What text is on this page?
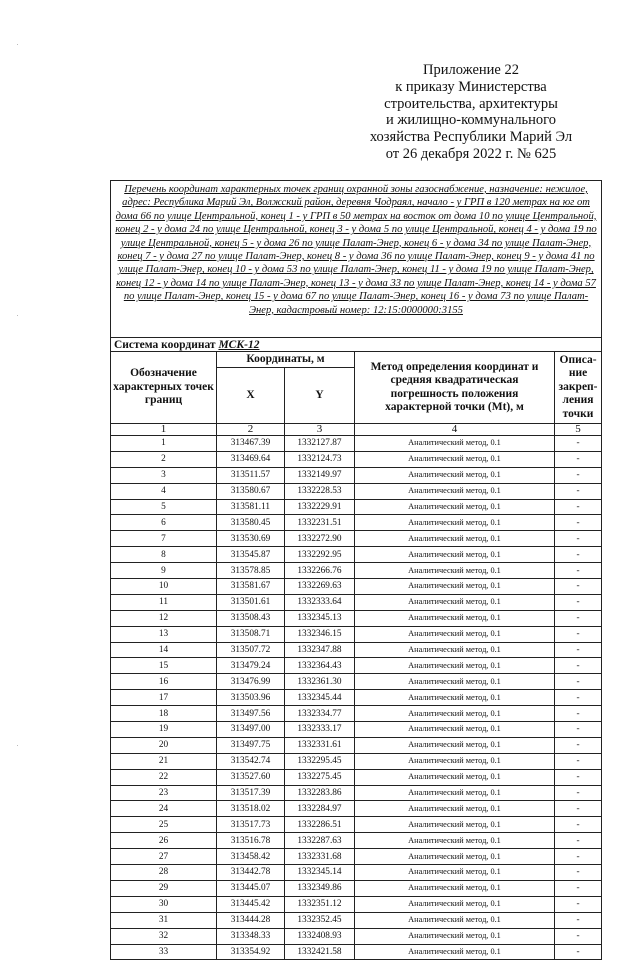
Приложение 22
к приказу Министерства
строительства, архитектуры
и жилищно-коммунального
хозяйства Республики Марий Эл
от 26 декабря 2022 г. № 625
Перечень координат характерных точек границ охранной зоны газоснабжение, назначение: нежилое, адрес: Республика Марий Эл, Волжский район, деревня Чодраял, начало - у ГРП в 120 метрах на юг от дома 66 по улице Центральной, конец 1 - у ГРП в 50 метрах на восток от дома 10 по улице Центральной, конец 2 - у дома 24 по улице Центральной, конец 3 - у дома 5 по улице Центральной, конец 4 - у дома 19 по улице Центральной, конец 5 - у дома 26 по улице Палат-Энер, конец 6 - у дома 34 по улице Палат-Энер, конец 7 - у дома 27 по улице Палат-Энер, конец 8 - у дома 36 по улице Палат-Энер, конец 9 - у дома 41 по улице Палат-Энер, конец 10 - у дома 53 по улице Палат-Энер, конец 11 - у дома 19 по улице Палат-Энер, конец 12 - у дома 14 по улице Палат-Энер, конец 13 - у дома 33 по улице Палат-Энер, конец 14 - у дома 57 по улице Палат-Энер, конец 15 - у дома 67 по улице Палат-Энер, конец 16 - у дома 73 по улице Палат-Энер, кадастровый номер: 12:15:0000000:3155				
Система координат МСК-12				
Обозначение характерных точек границ	Координаты, м		Метод определения координат и средняя квадратическая погрешность положения характерной точки (Mt), м	Описа-ние закреп-ления точки
	X	Y		
1	2	3	4	5
1	313467.39	1332127.87	Аналитический метод, 0.1	-
2	313469.64	1332124.73	Аналитический метод, 0.1	-
3	313511.57	1332149.97	Аналитический метод, 0.1	-
4	313580.67	1332228.53	Аналитический метод, 0.1	-
5	313581.11	1332229.91	Аналитический метод, 0.1	-
6	313580.45	1332231.51	Аналитический метод, 0.1	-
7	313530.69	1332272.90	Аналитический метод, 0.1	-
8	313545.87	1332292.95	Аналитический метод, 0.1	-
9	313578.85	1332266.76	Аналитический метод, 0.1	-
10	313581.67	1332269.63	Аналитический метод, 0.1	-
11	313501.61	1332333.64	Аналитический метод, 0.1	-
12	313508.43	1332345.13	Аналитический метод, 0.1	-
13	313508.71	1332346.15	Аналитический метод, 0.1	-
14	313507.72	1332347.88	Аналитический метод, 0.1	-
15	313479.24	1332364.43	Аналитический метод, 0.1	-
16	313476.99	1332361.30	Аналитический метод, 0.1	-
17	313503.96	1332345.44	Аналитический метод, 0.1	-
18	313497.56	1332334.77	Аналитический метод, 0.1	-
19	313497.00	1332333.17	Аналитический метод, 0.1	-
20	313497.75	1332331.61	Аналитический метод, 0.1	-
21	313542.74	1332295.45	Аналитический метод, 0.1	-
22	313527.60	1332275.45	Аналитический метод, 0.1	-
23	313517.39	1332283.86	Аналитический метод, 0.1	-
24	313518.02	1332284.97	Аналитический метод, 0.1	-
25	313517.73	1332286.51	Аналитический метод, 0.1	-
26	313516.78	1332287.63	Аналитический метод, 0.1	-
27	313458.42	1332331.68	Аналитический метод, 0.1	-
28	313442.78	1332345.14	Аналитический метод, 0.1	-
29	313445.07	1332349.86	Аналитический метод, 0.1	-
30	313445.42	1332351.12	Аналитический метод, 0.1	-
31	313444.28	1332352.45	Аналитический метод, 0.1	-
32	313348.33	1332408.93	Аналитический метод, 0.1	-
33	313354.92	1332421.58	Аналитический метод, 0.1	-
